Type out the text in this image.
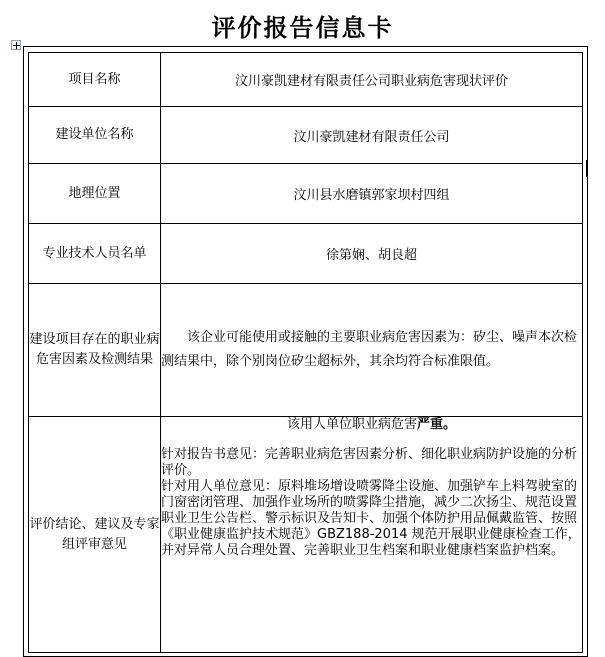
评价报告信息卡
项目名称	汶川豪凯建材有限责任公司职业病危害现状评价
建设单位名称	汶川豪凯建材有限责任公司
地理位置	汶川县水磨镇郭家坝村四组
专业技术人员名单	徐第娴、胡良超
建设项目存在的职业病危害因素及检测结果	该企业可能使用或接触的主要职业病危害因素为：矽尘、噪声本次检测结果中，除个别岗位矽尘超标外，其余均符合标准限值。

评价结论、建议及专家组评审意见	该用人单位职业病危害严重。

针对报告书意见：完善职业病危害因素分析、细化职业病防护设施的分析评价。

针对用人单位意见：原料堆场增设喷雾降尘设施、加强铲车上料驾驶室的门窗密闭管理、加强作业场所的喷雾降尘措施，减少二次扬尘、规范设置职业卫生公告栏、警示标识及告知卡、加强个体防护用品佩戴监管、按照《职业健康监护技术规范》GBZ188-2014 规范开展职业健康检查工作，并对异常人员合理处置、完善职业卫生档案和职业健康档案监护档案。
